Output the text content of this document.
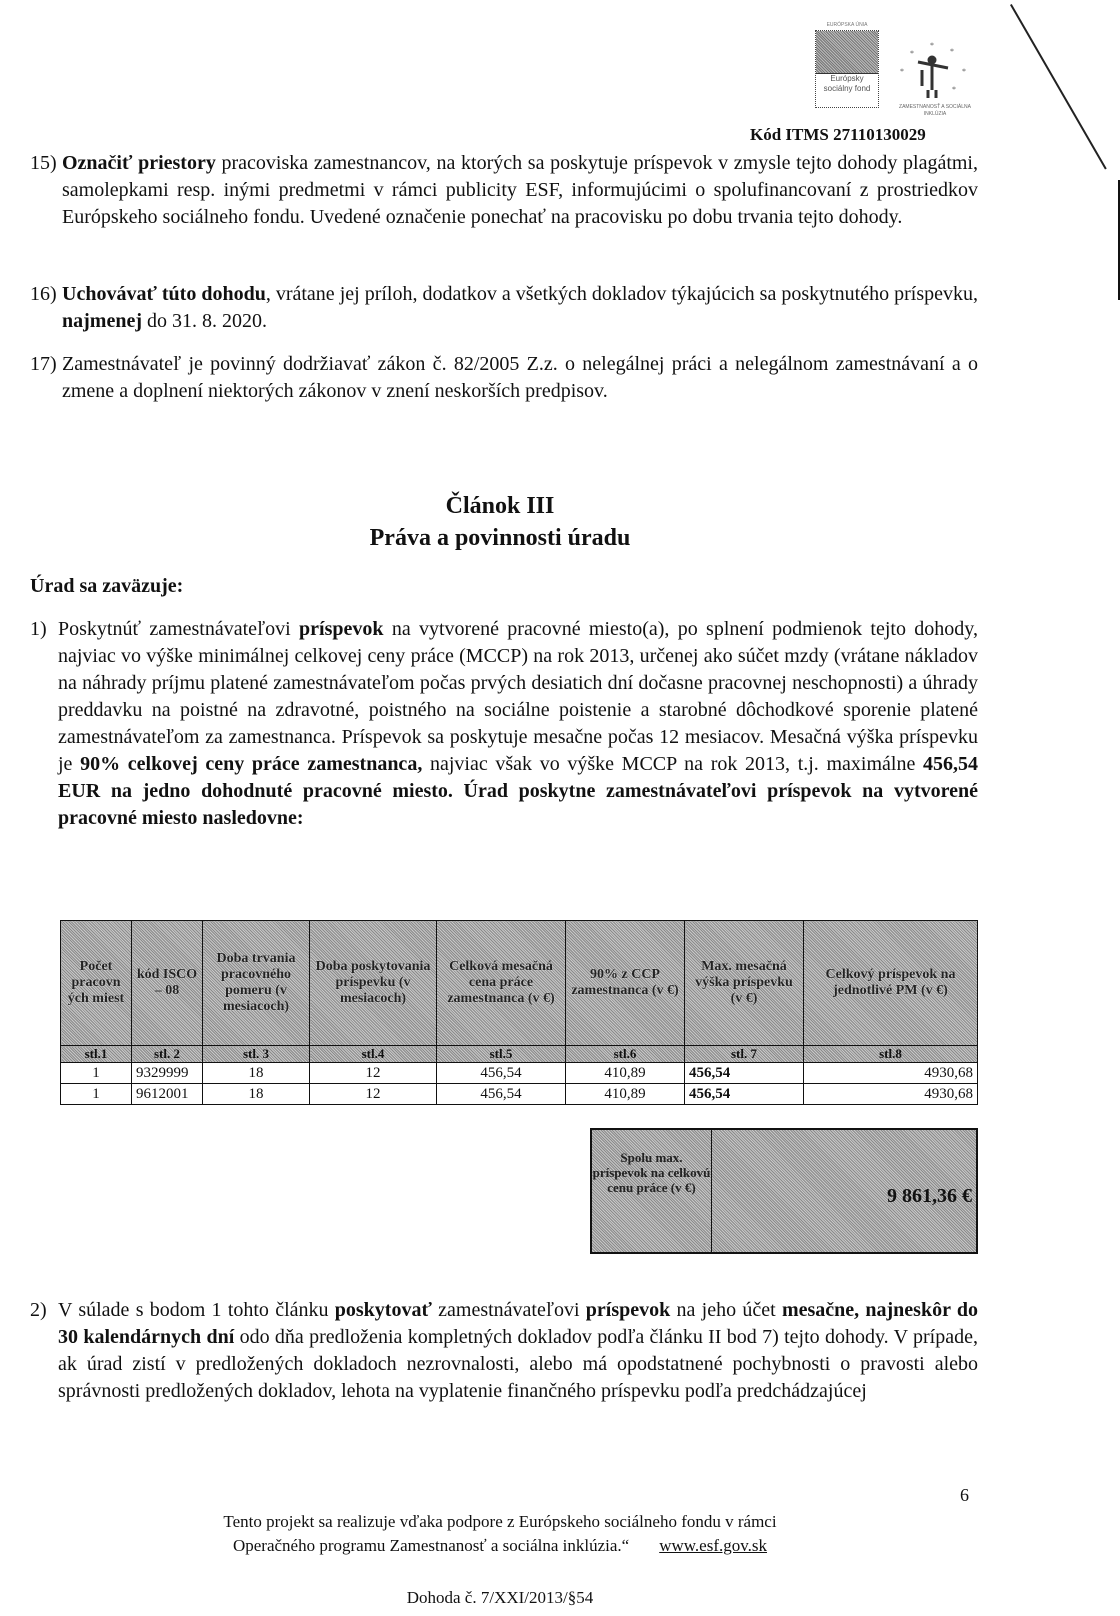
EURÓPSKA ÚNIA
Európsky sociálny fond
*
*
*
*	*
*
ZAMESTNANOSŤ A SOCIÁLNA INKLÚZIA
Kód ITMS 27110130029
15) Označiť priestory pracoviska zamestnancov, na ktorých sa poskytuje príspevok v zmysle tejto dohody plagátmi, samolepkami resp. inými predmetmi v rámci publicity ESF, informujúcimi o spolufinancovaní z prostriedkov Európskeho sociálneho fondu. Uvedené označenie ponechať na pracovisku po dobu trvania tejto dohody.
16) Uchovávať túto dohodu, vrátane jej príloh, dodatkov a všetkých dokladov týkajúcich sa poskytnutého príspevku, najmenej do 31. 8. 2020.
17) Zamestnávateľ je povinný dodržiavať zákon č. 82/2005 Z.z. o nelegálnej práci a nelegálnom zamestnávaní a o zmene a doplnení niektorých zákonov v znení neskorších predpisov.
Článok III
Práva a povinnosti úradu
Úrad sa zaväzuje:
1) Poskytnúť zamestnávateľovi príspevok na vytvorené pracovné miesto(a), po splnení podmienok tejto dohody, najviac vo výške minimálnej celkovej ceny práce (MCCP) na rok 2013, určenej ako súčet mzdy (vrátane nákladov na náhrady príjmu platené zamestnávateľom počas prvých desiatich dní dočasne pracovnej neschopnosti) a úhrady preddavku na poistné na zdravotné, poistného na sociálne poistenie a starobné dôchodkové sporenie platené zamestnávateľom za zamestnanca. Príspevok sa poskytuje mesačne počas 12 mesiacov. Mesačná výška príspevku je 90% celkovej ceny práce zamestnanca, najviac však vo výške MCCP na rok 2013, t.j. maximálne 456,54 EUR na jedno dohodnuté pracovné miesto. Úrad poskytne zamestnávateľovi príspevok na vytvorené pracovné miesto nasledovne:
Počet pracovn ých miest	kód ISCO – 08	Doba trvania pracovného pomeru (v mesiacoch)	Doba poskytovania príspevku (v mesiacoch)	Celková mesačná cena práce zamestnanca (v €)	90% z CCP zamestnanca (v €)	Max. mesačná výška príspevku (v €)	Celkový príspevok na jednotlivé PM (v €)
stl.1	stl. 2	stl. 3	stl.4	stl.5	stl.6	stl. 7	stl.8
1	9329999	18	12	456,54	410,89	456,54	4930,68
1	9612001	18	12	456,54	410,89	456,54	4930,68
Spolu max. príspevok na celkovú cenu práce (v €)	9 861,36 €
2) V súlade s bodom 1 tohto článku poskytovať zamestnávateľovi príspevok na jeho účet mesačne, najneskôr do 30 kalendárnych dní odo dňa predloženia kompletných dokladov podľa článku II bod 7) tejto dohody. V prípade, ak úrad zistí v predložených dokladoch nezrovnalosti, alebo má opodstatnené pochybnosti o pravosti alebo správnosti predložených dokladov, lehota na vyplatenie finančného príspevku podľa predchádzajúcej
6
Tento projekt sa realizuje vďaka podpore z Európskeho sociálneho fondu v rámci
Operačného programu Zamestnanosť a sociálna inklúzia.“ www.esf.gov.sk
Dohoda č. 7/XXI/2013/§54
